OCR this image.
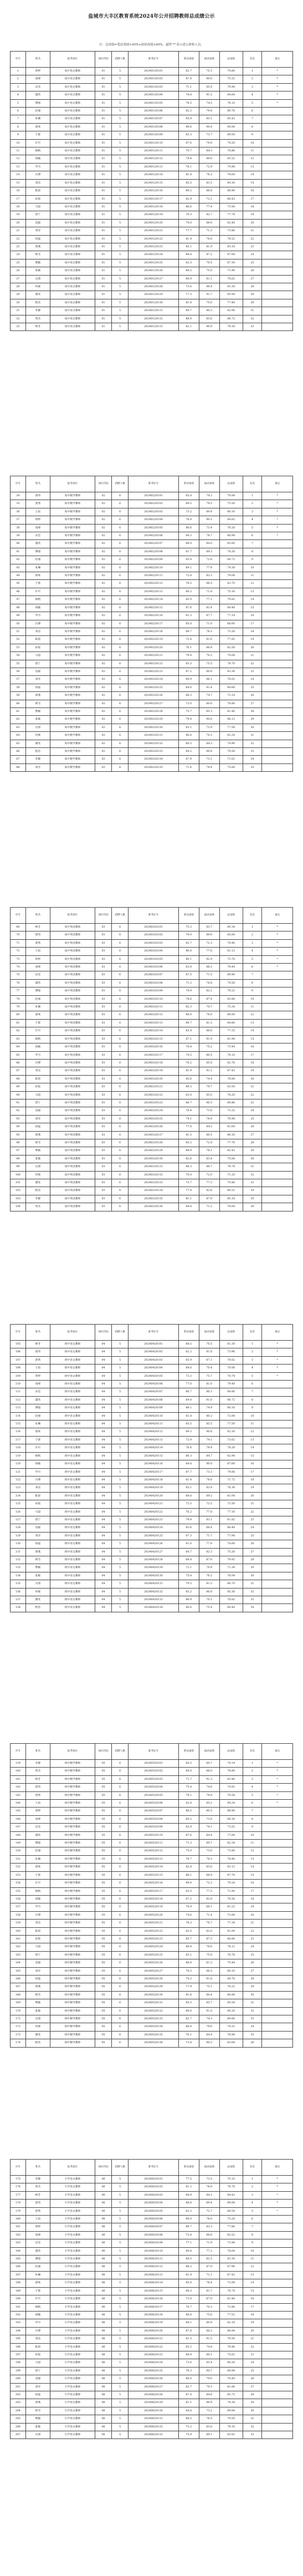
盐城市大丰区教育系统2024年公开招聘教师总成绩公示
注：总成绩=笔试成绩×40%+面试成绩×60%，最终“*”表示进入体检人员。
序号	姓名	报考岗位	岗位代码	招聘人数	准考证号	笔试成绩	面试成绩	总成绩	名次	备注
1	黄婷	高中语文教师	01	5	20240120101	63.7	75.3	70.66	1	*
2	高峰	高中语文教师	01	5	20240120102	67.4	80.6	75.32	2	*
3	宋佳	高中语文教师	01	5	20240120103	71.1	85.9	79.98	3	*
4	董欣	高中语文教师	01	5	20240120104	74.8	91.2	84.64	4	*
5	傅强	高中语文教师	01	5	20240120105	78.5	74.5	76.10	5	*
6	赵丽	高中语文教师	01	5	20240120106	82.2	79.8	80.76	6	
7	朱琳	高中语文教师	01	5	20240120107	85.9	85.1	85.42	7	
8	梁爽	高中语文教师	01	5	20240120108	89.6	90.4	90.08	8	
9	于蕾	高中语文教师	01	5	20240120109	63.3	73.7	69.54	9	
10	许可	高中语文教师	01	5	20240120110	67.0	79.0	74.20	10	
11	杨帆	高中语文教师	01	5	20240120111	70.7	84.3	78.86	11	
12	胡颖	高中语文教师	01	5	20240120112	74.4	89.6	83.52	12	
13	罗丹	高中语文教师	01	5	20240120113	78.1	72.9	74.98	13	
14	冯博	高中语文教师	01	5	20240120114	81.8	78.2	79.64	14	
15	邓洁	高中语文教师	01	5	20240120115	85.5	83.5	84.30	15	
16	陈晨	高中语文教师	01	5	20240120116	89.2	88.8	88.96	16	
17	孙悦	高中语文教师	01	5	20240120117	62.9	72.1	68.42	17	
18	马超	高中语文教师	01	5	20240120118	66.6	77.4	73.08	18	
19	唐宁	高中语文教师	01	5	20240120119	70.3	82.7	77.74	19	
20	袁媛	高中语文教师	01	5	20240120120	74.0	88.0	82.40	20	
21	刘洋	高中语文教师	01	5	20240120121	77.7	71.3	73.86	21	
22	徐磊	高中语文教师	01	5	20240120122	81.4	76.6	78.52	22	
23	郭燕	高中语文教师	01	5	20240120123	85.1	81.9	83.18	23	
24	韩雪	高中语文教师	01	5	20240120124	88.8	87.2	87.84	24	
25	曹颖	高中语文教师	01	5	20240120125	62.5	70.5	67.30	25	
26	张敏	高中语文教师	01	5	20240120126	66.2	75.8	71.96	26	
27	吴倩	高中语文教师	01	5	20240120127	69.9	81.1	76.62	27	
28	何俊	高中语文教师	01	5	20240120128	73.6	86.4	81.28	28	
29	谢雯	高中语文教师	01	5	20240120129	77.3	91.7	85.94	29	
30	程浩	高中语文教师	01	5	20240120130	81.0	75.0	77.40	30	
31	李静	高中语文教师	01	5	20240120131	84.7	80.3	82.06	31	
32	周杰	高中语文教师	01	5	20240120132	88.4	85.6	86.72	32	
33	林芳	高中语文教师	01	5	20240120133	62.1	90.9	79.38	33	
序号	姓名	报考岗位	岗位代码	招聘人数	准考证号	笔试成绩	面试成绩	总成绩	名次	备注
34	郑伟	高中数学教师	02	6	20240220101	65.8	74.2	70.84	1	*
35	萧然	高中数学教师	02	6	20240220102	69.5	79.5	75.50	2	*
36	王雨	高中数学教师	02	6	20240220103	73.2	84.8	80.16	3	*
37	黄婷	高中数学教师	02	6	20240220104	76.9	90.1	84.82	4	*
38	高峰	高中数学教师	02	6	20240220105	80.6	73.4	76.28	5	*
39	宋佳	高中数学教师	02	6	20240220106	84.3	78.7	80.94	6	*
40	董欣	高中数学教师	02	6	20240220107	88.0	84.0	85.60	7	
41	傅强	高中数学教师	02	6	20240220108	61.7	89.3	78.26	8	
42	赵丽	高中数学教师	02	6	20240220109	65.4	72.6	69.72	9	
43	朱琳	高中数学教师	02	6	20240220110	69.1	77.9	74.38	10	
44	梁爽	高中数学教师	02	6	20240220111	72.8	83.2	79.04	11	
45	于蕾	高中数学教师	02	6	20240220112	76.5	88.5	83.70	12	
46	许可	高中数学教师	02	6	20240220113	80.2	71.8	75.16	13	
47	杨帆	高中数学教师	02	6	20240220114	83.9	77.1	79.82	14	
48	胡颖	高中数学教师	02	6	20240220115	87.6	82.4	84.48	15	
49	罗丹	高中数学教师	02	6	20240220116	61.3	87.7	77.14	16	
50	冯博	高中数学教师	02	6	20240220117	65.0	71.0	68.60	17	
51	邓洁	高中数学教师	02	6	20240220118	68.7	76.3	73.26	18	
52	陈晨	高中数学教师	02	6	20240220119	72.4	81.6	77.92	19	
53	孙悦	高中数学教师	02	6	20240220120	76.1	86.9	82.58	20	
54	马超	高中数学教师	02	6	20240220121	79.8	70.2	74.04	21	
55	唐宁	高中数学教师	02	6	20240220122	83.5	75.5	78.70	22	
56	袁媛	高中数学教师	02	6	20240220123	87.2	80.8	83.36	23	
57	刘洋	高中数学教师	02	6	20240220124	60.9	86.1	76.02	24	
58	徐磊	高中数学教师	02	6	20240220125	64.6	91.4	80.68	25	
59	郭燕	高中数学教师	02	6	20240220126	68.3	74.7	72.14	26	
60	韩雪	高中数学教师	02	6	20240220127	72.0	80.0	76.80	27	
61	曹颖	高中数学教师	02	6	20240220128	75.7	85.3	81.46	28	
62	张敏	高中数学教师	02	6	20240220129	79.4	90.6	86.12	29	
63	吴倩	高中数学教师	02	6	20240220130	83.1	73.9	77.58	30	
64	何俊	高中数学教师	02	6	20240220131	86.8	79.2	82.24	31	
65	谢雯	高中数学教师	02	6	20240220132	60.5	84.5	74.90	32	
66	程浩	高中数学教师	02	6	20240220133	64.2	89.8	79.56	33	
67	李静	高中数学教师	02	6	20240220134	67.9	73.1	71.02	34	
68	周杰	高中数学教师	02	6	20240220135	71.6	78.4	75.68	35	
序号	姓名	报考岗位	岗位代码	招聘人数	准考证号	笔试成绩	面试成绩	总成绩	名次	备注
69	林芳	高中英语教师	03	6	20240320101	75.3	83.7	80.34	1	*
70	郑伟	高中英语教师	03	6	20240320102	79.0	89.0	85.00	2	*
71	萧然	高中英语教师	03	6	20240320103	82.7	72.3	76.46	3	*
72	王雨	高中英语教师	03	6	20240320104	86.4	77.6	81.12	4	*
73	黄婷	高中英语教师	03	6	20240320105	60.1	82.9	73.78	5	*
74	高峰	高中英语教师	03	6	20240320106	63.8	88.2	78.44	6	*
75	宋佳	高中英语教师	03	6	20240320107	67.5	71.5	69.90	7	
76	董欣	高中英语教师	03	6	20240320108	71.2	76.8	74.56	8	
77	傅强	高中英语教师	03	6	20240320109	74.9	82.1	79.22	9	
78	赵丽	高中英语教师	03	6	20240320110	78.6	87.4	83.88	10	
79	朱琳	高中英语教师	03	6	20240320111	82.3	70.7	75.34	11	
80	梁爽	高中英语教师	03	6	20240320112	86.0	76.0	80.00	12	
81	于蕾	高中英语教师	03	6	20240320113	89.7	81.3	84.66	13	
82	许可	高中英语教师	03	6	20240320114	63.4	86.6	77.32	14	
83	杨帆	高中英语教师	03	6	20240320115	67.1	91.9	81.98	15	
84	胡颖	高中英语教师	03	6	20240320116	70.8	75.2	73.44	16	
85	罗丹	高中英语教师	03	6	20240320117	74.5	80.5	78.10	17	
86	冯博	高中英语教师	03	6	20240320118	78.2	85.8	82.76	18	
87	邓洁	高中英语教师	03	6	20240320119	81.9	91.1	87.42	19	
88	陈晨	高中英语教师	03	6	20240320120	85.6	74.4	78.88	20	
89	孙悦	高中英语教师	03	6	20240320121	89.3	79.7	83.54	21	
90	马超	高中英语教师	03	6	20240320122	63.0	85.0	76.20	22	
91	唐宁	高中英语教师	03	6	20240320123	66.7	90.3	80.86	23	
92	袁媛	高中英语教师	03	6	20240320124	70.4	73.6	72.32	24	
93	刘洋	高中英语教师	03	6	20240320125	74.1	78.9	76.98	25	
94	徐磊	高中英语教师	03	6	20240320126	77.8	84.2	81.64	26	
95	郭燕	高中英语教师	03	6	20240320127	81.5	89.5	86.30	27	
96	韩雪	高中英语教师	03	6	20240320128	85.2	72.8	77.76	28	
97	曹颖	高中英语教师	03	6	20240320129	88.9	78.1	82.42	29	
98	张敏	高中英语教师	03	6	20240320130	62.6	83.4	75.08	30	
99	吴倩	高中英语教师	03	6	20240320131	66.3	88.7	79.74	31	
100	何俊	高中英语教师	03	6	20240320132	70.0	72.0	71.20	32	
101	谢雯	高中英语教师	03	6	20240320133	73.7	77.3	75.86	33	
102	程浩	高中英语教师	03	6	20240320134	77.4	82.6	80.52	34	
103	李静	高中英语教师	03	6	20240320135	81.1	87.9	85.18	35	
104	周杰	高中英语教师	03	6	20240320136	84.8	71.2	76.64	36	
序号	姓名	报考岗位	岗位代码	招聘人数	准考证号	笔试成绩	面试成绩	总成绩	名次	备注
105	林芳	初中语文教师	04	5	20240420101	88.5	76.5	81.30	1	*
106	郑伟	初中语文教师	04	5	20240420102	62.2	81.8	73.96	2	*
107	萧然	初中语文教师	04	5	20240420103	65.9	87.1	78.62	3	*
108	王雨	初中语文教师	04	5	20240420104	69.6	70.4	70.08	4	*
109	黄婷	初中语文教师	04	5	20240420105	73.3	75.7	74.74	5	*
110	高峰	初中语文教师	04	5	20240420106	77.0	81.0	79.40	6	
111	宋佳	初中语文教师	04	5	20240420107	80.7	86.3	84.06	7	
112	董欣	初中语文教师	04	5	20240420108	84.4	91.6	88.72	8	
113	傅强	初中语文教师	04	5	20240420109	88.1	74.9	80.18	9	
114	赵丽	初中语文教师	04	5	20240420110	61.8	80.2	72.84	10	
115	朱琳	初中语文教师	04	5	20240420111	65.5	85.5	77.50	11	
116	梁爽	初中语文教师	04	5	20240420112	69.2	90.8	82.16	12	
117	于蕾	初中语文教师	04	5	20240420113	72.9	74.1	73.62	13	
118	许可	初中语文教师	04	5	20240420114	76.6	79.4	78.28	14	
119	杨帆	初中语文教师	04	5	20240420115	80.3	84.7	82.94	15	
120	胡颖	初中语文教师	04	5	20240420116	84.0	90.0	87.60	16	
121	罗丹	初中语文教师	04	5	20240420117	87.7	73.3	79.06	17	
122	冯博	初中语文教师	04	5	20240420118	61.4	78.6	71.72	18	
123	邓洁	初中语文教师	04	5	20240420119	65.1	83.9	76.38	19	
124	陈晨	初中语文教师	04	5	20240420120	68.8	89.2	81.04	20	
125	孙悦	初中语文教师	04	5	20240420121	72.5	72.5	72.50	21	
126	马超	初中语文教师	04	5	20240420122	76.2	77.8	77.16	22	
127	唐宁	初中语文教师	04	5	20240420123	79.9	83.1	81.82	23	
128	袁媛	初中语文教师	04	5	20240420124	83.6	88.4	86.48	24	
129	刘洋	初中语文教师	04	5	20240420125	87.3	71.7	77.94	25	
130	徐磊	初中语文教师	04	5	20240420126	61.0	77.0	70.60	26	
131	郭燕	初中语文教师	04	5	20240420127	64.7	82.3	75.26	27	
132	韩雪	初中语文教师	04	5	20240420128	68.4	87.6	79.92	28	
133	曹颖	初中语文教师	04	5	20240420129	72.1	70.9	71.38	29	
134	张敏	初中语文教师	04	5	20240420130	75.8	76.2	76.04	30	
135	吴倩	初中语文教师	04	5	20240420131	79.5	81.5	80.70	31	
136	何俊	初中语文教师	04	5	20240420132	83.2	86.8	85.36	32	
137	谢雯	初中语文教师	04	5	20240420133	86.9	70.1	76.82	33	
138	程浩	初中语文教师	04	5	20240420134	60.6	75.4	69.48	34	
序号	姓名	报考岗位	岗位代码	招聘人数	准考证号	笔试成绩	面试成绩	总成绩	名次	备注
139	李静	初中数学教师	05	6	20240520101	64.3	80.7	74.14	1	*
140	周杰	初中数学教师	05	6	20240520102	68.0	86.0	78.80	2	*
141	林芳	初中数学教师	05	6	20240520103	71.7	91.3	83.46	3	*
142	郑伟	初中数学教师	05	6	20240520104	75.4	74.6	74.92	4	*
143	萧然	初中数学教师	05	6	20240520105	79.1	79.9	79.58	5	*
144	王雨	初中数学教师	05	6	20240520106	82.8	85.2	84.24	6	*
145	黄婷	初中数学教师	05	6	20240520107	86.5	90.5	88.90	7	
146	高峰	初中数学教师	05	6	20240520108	60.2	73.8	68.36	8	
147	宋佳	初中数学教师	05	6	20240520109	63.9	79.1	73.02	9	
148	董欣	初中数学教师	05	6	20240520110	67.6	84.4	77.68	10	
149	傅强	初中数学教师	05	6	20240520111	71.3	89.7	82.34	11	
150	赵丽	初中数学教师	05	6	20240520112	75.0	73.0	73.80	12	
151	朱琳	初中数学教师	05	6	20240520113	78.7	78.3	78.46	13	
152	梁爽	初中数学教师	05	6	20240520114	82.4	83.6	83.12	14	
153	于蕾	初中数学教师	05	6	20240520115	86.1	88.9	87.78	15	
154	许可	初中数学教师	05	6	20240520116	89.8	72.2	79.24	16	
155	杨帆	初中数学教师	05	6	20240520117	63.5	77.5	71.90	17	
156	胡颖	初中数学教师	05	6	20240520118	67.2	82.8	76.56	18	
157	罗丹	初中数学教师	05	6	20240520119	70.9	88.1	81.22	19	
158	冯博	初中数学教师	05	6	20240520120	74.6	71.4	72.68	20	
159	邓洁	初中数学教师	05	6	20240520121	78.3	76.7	77.34	21	
160	陈晨	初中数学教师	05	6	20240520122	82.0	82.0	82.00	22	
161	孙悦	初中数学教师	05	6	20240520123	85.7	87.3	86.66	23	
162	马超	初中数学教师	05	6	20240520124	89.4	70.6	78.12	24	
163	唐宁	初中数学教师	05	6	20240520125	63.1	75.9	70.78	25	
164	袁媛	初中数学教师	05	6	20240520126	66.8	81.2	75.44	26	
165	刘洋	初中数学教师	05	6	20240520127	70.5	86.5	80.10	27	
166	徐磊	初中数学教师	05	6	20240520128	74.2	91.8	84.76	28	
167	郭燕	初中数学教师	05	6	20240520129	77.9	75.1	76.22	29	
168	韩雪	初中数学教师	05	6	20240520130	81.6	80.4	80.88	30	
169	曹颖	初中数学教师	05	6	20240520131	85.3	85.7	85.54	31	
170	张敏	初中数学教师	05	6	20240520132	89.0	91.0	90.20	32	
171	吴倩	初中数学教师	05	6	20240520133	62.7	74.3	69.66	33	
172	何俊	初中数学教师	05	6	20240520134	66.4	79.6	74.32	34	
173	谢雯	初中数学教师	05	6	20240520135	70.1	84.9	78.98	35	
174	程浩	初中数学教师	05	6	20240520136	73.8	90.2	83.64	36	
序号	姓名	报考岗位	岗位代码	招聘人数	准考证号	笔试成绩	面试成绩	总成绩	名次	备注
175	李静	小学语文教师	06	5	20240620101	77.5	73.5	75.10	1	*
176	周杰	小学语文教师	06	5	20240620102	81.2	78.8	79.76	2	*
177	林芳	小学语文教师	06	5	20240620103	84.9	84.1	84.42	3	*
178	郑伟	小学语文教师	06	5	20240620104	88.6	89.4	89.08	4	*
179	萧然	小学语文教师	06	5	20240620105	62.3	72.7	68.54	5	*
180	王雨	小学语文教师	06	5	20240620106	66.0	78.0	73.20	6	
181	黄婷	小学语文教师	06	5	20240620107	69.7	83.3	77.86	7	
182	高峰	小学语文教师	06	5	20240620108	73.4	88.6	82.52	8	
183	宋佳	小学语文教师	06	5	20240620109	77.1	71.9	73.98	9	
184	董欣	小学语文教师	06	5	20240620110	80.8	77.2	78.64	10	
185	傅强	小学语文教师	06	5	20240620111	84.5	82.5	83.30	11	
186	赵丽	小学语文教师	06	5	20240620112	88.2	87.8	87.96	12	
187	朱琳	小学语文教师	06	5	20240620113	61.9	71.1	67.42	13	
188	梁爽	小学语文教师	06	5	20240620114	65.6	76.4	72.08	14	
189	于蕾	小学语文教师	06	5	20240620115	69.3	81.7	76.74	15	
190	许可	小学语文教师	06	5	20240620116	73.0	87.0	81.40	16	
191	杨帆	小学语文教师	06	5	20240620117	76.7	70.3	72.86	17	
192	胡颖	小学语文教师	06	5	20240620118	80.4	75.6	77.52	18	
193	罗丹	小学语文教师	06	5	20240620119	84.1	80.9	82.18	19	
194	冯博	小学语文教师	06	5	20240620120	87.8	86.2	86.84	20	
195	邓洁	小学语文教师	06	5	20240620121	61.5	91.5	79.50	21	
196	陈晨	小学语文教师	06	5	20240620122	65.2	74.8	70.96	22	
197	孙悦	小学语文教师	06	5	20240620123	68.9	80.1	75.62	23	
198	马超	小学语文教师	06	5	20240620124	72.6	85.4	80.28	24	
199	唐宁	小学语文教师	06	5	20240620125	76.3	90.7	84.94	25	
200	袁媛	小学语文教师	06	5	20240620126	80.0	74.0	76.40	26	
201	刘洋	小学语文教师	06	5	20240620127	83.7	79.3	81.06	27	
202	徐磊	小学语文教师	06	5	20240620128	87.4	84.6	85.72	28	
203	郭燕	小学语文教师	06	5	20240620129	61.1	89.9	78.38	29	
204	韩雪	小学语文教师	06	5	20240620130	64.8	73.2	69.84	30	
205	曹颖	小学语文教师	06	5	20240620131	68.5	78.5	74.50	31	
206	张敏	小学语文教师	06	5	20240620132	72.2	83.8	79.16	32	
207	吴倩	小学语文教师	06	5	20240620133	75.9	89.1	83.82	33	
